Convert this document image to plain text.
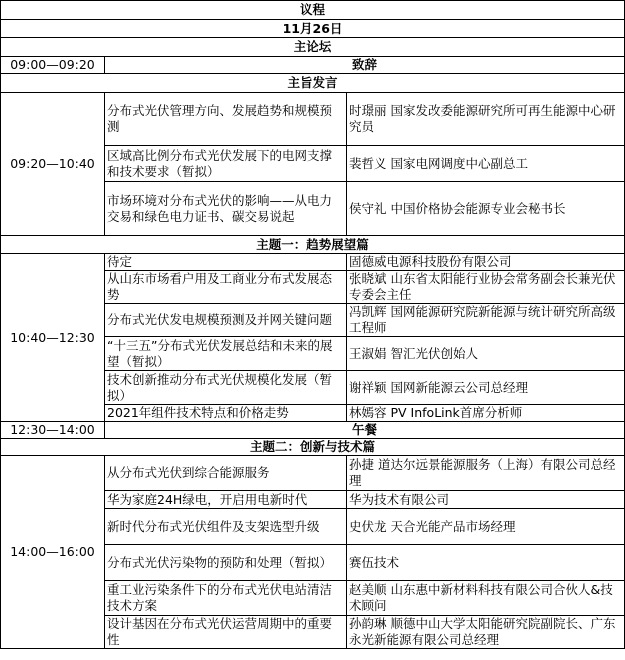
议程		
11月26日		
主论坛		
09:00—09:20	致辞	
主旨发言		
09:20—10:40	分布式光伏管理方向、发展趋势和规模预测	时璟丽 国家发改委能源研究所可再生能源中心研究员
	区域高比例分布式光伏发展下的电网支撑和技术要求（暂拟）	裴哲义 国家电网调度中心副总工
	市场环境对分布式光伏的影响——从电力交易和绿色电力证书、碳交易说起	侯守礼 中国价格协会能源专业会秘书长
主题一：趋势展望篇		
10:40—12:30	待定	固德威电源科技股份有限公司
	从山东市场看户用及工商业分布式发展态势	张晓斌 山东省太阳能行业协会常务副会长兼光伏专委会主任
	分布式光伏发电规模预测及并网关键问题	冯凯辉 国网能源研究院新能源与统计研究所高级工程师
	“十三五”分布式光伏发展总结和未来的展望（暂拟）	王淑娟 智汇光伏创始人
	技术创新推动分布式光伏规模化发展（暂拟）	谢祥颖 国网新能源云公司总经理
	2021年组件技术特点和价格走势	林嫣容 PV InfoLink首席分析师
12:30—14:00	午餐	
主题二：创新与技术篇		
14:00—16:00	从分布式光伏到综合能源服务	孙捷 道达尔远景能源服务（上海）有限公司总经理
	华为家庭24H绿电，开启用电新时代	华为技术有限公司
	新时代分布式光伏组件及支架选型升级	史伏龙 天合光能产品市场经理
	分布式光伏污染物的预防和处理（暂拟）	赛伍技术
	重工业污染条件下的分布式光伏电站清洁技术方案	赵美顺 山东惠中新材料科技有限公司合伙人&技术顾问
	设计基因在分布式光伏运营周期中的重要性	孙韵琳 顺德中山大学太阳能研究院副院长、广东永光新能源有限公司总经理
